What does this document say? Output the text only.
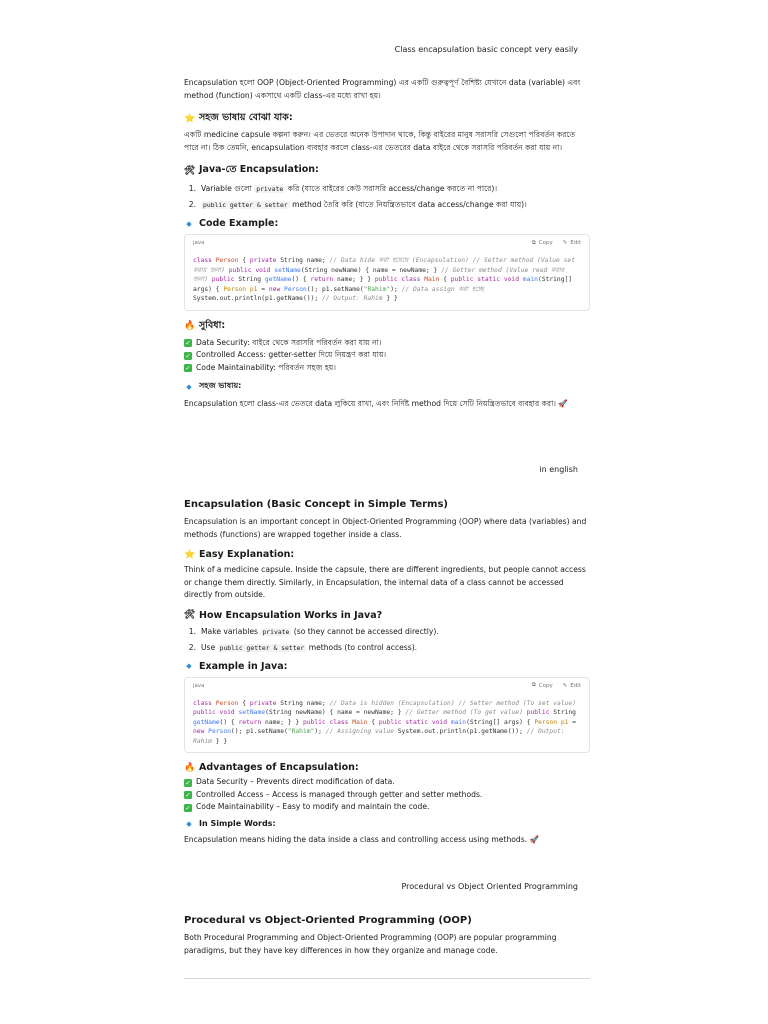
Class encapsulation basic concept very easily

Encapsulation হলো OOP (Object-Oriented Programming) এর একটি গুরুত্বপূর্ণ বৈশিষ্ট্য যেখানে data (variable) এবং method (function) একসাথে একটি class-এর মধ্যে রাখা হয়।

⭐ সহজ ভাষায় বোঝা যাক:

একটি medicine capsule কল্পনা করুন। এর ভেতরে অনেক উপাদান থাকে, কিন্তু বাইরের মানুষ সরাসরি সেগুলো পরিবর্তন করতে পারে না। ঠিক তেমনি, encapsulation ব্যবহার করলে class-এর ভেতরের data বাইরে থেকে সরাসরি পরিবর্তন করা যায় না।

🛠 Java-তে Encapsulation:
1. Variable গুলো private করি (যাতে বাইরের কেউ সরাসরি access/change করতে না পারে)।
2.	public getter & setter method তৈরি করি (যাতে নিয়ন্ত্রিতভাবে data access/change করা যায়)।
◆ Code Example:
java	⧉ Copy ✎ Edit
class Person { private String name; // Data hide করা হয়েছে (Encapsulation) // Setter method (Value set করার জন্য) public void setName(String newName) { name = newName; } // Getter method (Value read করার জন্য) public String getName() { return name; } } public class Main { public static void main(String[] args) { Person p1 = new Person(); p1.setName("Rahim"); // Data assign করা হচ্ছে System.out.println(p1.getName()); // Output: Rahim } }
🔥 সুবিধা:
✓ Data Security: বাইরে থেকে সরাসরি পরিবর্তন করা যায় না।
✓ Controlled Access: getter-setter দিয়ে নিয়ন্ত্রণ করা যায়।
✓ Code Maintainability: পরিবর্তন সহজ হয়।
◆ সহজ ভাষায়:

Encapsulation হলো class-এর ভেতরে data লুকিয়ে রাখা, এবং নির্দিষ্ট method দিয়ে সেটি নিয়ন্ত্রিতভাবে ব্যবহার করা। 🚀

in english
Encapsulation (Basic Concept in Simple Terms)

Encapsulation is an important concept in Object-Oriented Programming (OOP) where data (variables) and methods (functions) are wrapped together inside a class.

⭐ Easy Explanation:

Think of a medicine capsule. Inside the capsule, there are different ingredients, but people cannot access or change them directly. Similarly, in Encapsulation, the internal data of a class cannot be accessed directly from outside.

🛠 How Encapsulation Works in Java?
1. Make variables private (so they cannot be accessed directly).
2. Use public getter & setter methods (to control access).
◆ Example in Java:
java	⧉ Copy ✎ Edit
class Person { private String name; // Data is hidden (Encapsulation) // Setter method (To set value) public void setName(String newName) { name = newName; } // Getter method (To get value) public String getName() { return name; } } public class Main { public static void main(String[] args) { Person p1 = new Person(); p1.setName("Rahim"); // Assigning value System.out.println(p1.getName()); // Output: Rahim } }
🔥 Advantages of Encapsulation:
✓ Data Security – Prevents direct modification of data.
✓ Controlled Access – Access is managed through getter and setter methods.
✓ Code Maintainability – Easy to modify and maintain the code.
◆ In Simple Words:

Encapsulation means hiding the data inside a class and controlling access using methods. 🚀

Procedural vs Object Oriented Programming
Procedural vs Object-Oriented Programming (OOP)

Both Procedural Programming and Object-Oriented Programming (OOP) are popular programming paradigms, but they have key differences in how they organize and manage code.
